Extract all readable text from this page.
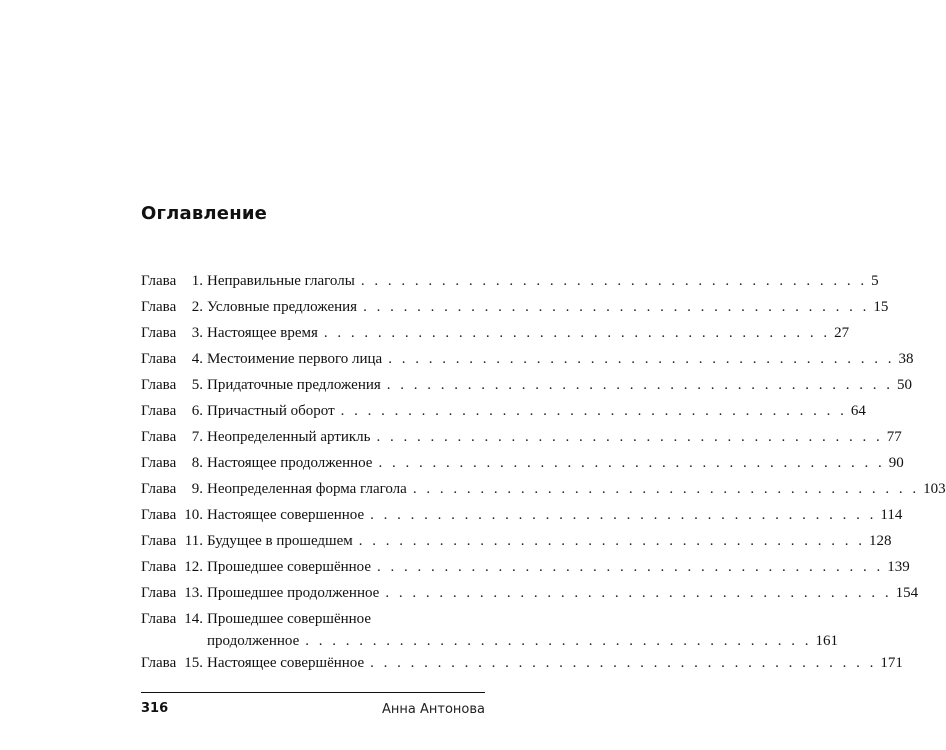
Оглавление
Глава	1. Неправильные глаголы . . . . . . . . . . . . . . . . . . . . . . . . . . . . . . . . . . . . . . 5
Глава	2. Условные предложения . . . . . . . . . . . . . . . . . . . . . . . . . . . . . . . . . . . . . . 15
Глава	3. Настоящее время . . . . . . . . . . . . . . . . . . . . . . . . . . . . . . . . . . . . . . 27
Глава	4. Местоимение первого лица . . . . . . . . . . . . . . . . . . . . . . . . . . . . . . . . . . . . . . 38
Глава	5. Придаточные предложения . . . . . . . . . . . . . . . . . . . . . . . . . . . . . . . . . . . . . . 50
Глава	6. Причастный оборот . . . . . . . . . . . . . . . . . . . . . . . . . . . . . . . . . . . . . . 64
Глава	7. Неопределенный артикль . . . . . . . . . . . . . . . . . . . . . . . . . . . . . . . . . . . . . . 77
Глава	8. Настоящее продолженное . . . . . . . . . . . . . . . . . . . . . . . . . . . . . . . . . . . . . . 90
Глава	9. Неопределенная форма глагола . . . . . . . . . . . . . . . . . . . . . . . . . . . . . . . . . . . . . . 103
Глава 10. Настоящее совершенное . . . . . . . . . . . . . . . . . . . . . . . . . . . . . . . . . . . . . . 114
Глава 11. Будущее в прошедшем . . . . . . . . . . . . . . . . . . . . . . . . . . . . . . . . . . . . . . 128
Глава 12. Прошедшее совершённое . . . . . . . . . . . . . . . . . . . . . . . . . . . . . . . . . . . . . . 139
Глава 13. Прошедшее продолженное . . . . . . . . . . . . . . . . . . . . . . . . . . . . . . . . . . . . . . 154
Глава 14. Прошедшее совершённое
продолженное . . . . . . . . . . . . . . . . . . . . . . . . . . . . . . . . . . . . . . 161
Глава 15. Настоящее совершённое . . . . . . . . . . . . . . . . . . . . . . . . . . . . . . . . . . . . . . 171
316	Анна Антонова
